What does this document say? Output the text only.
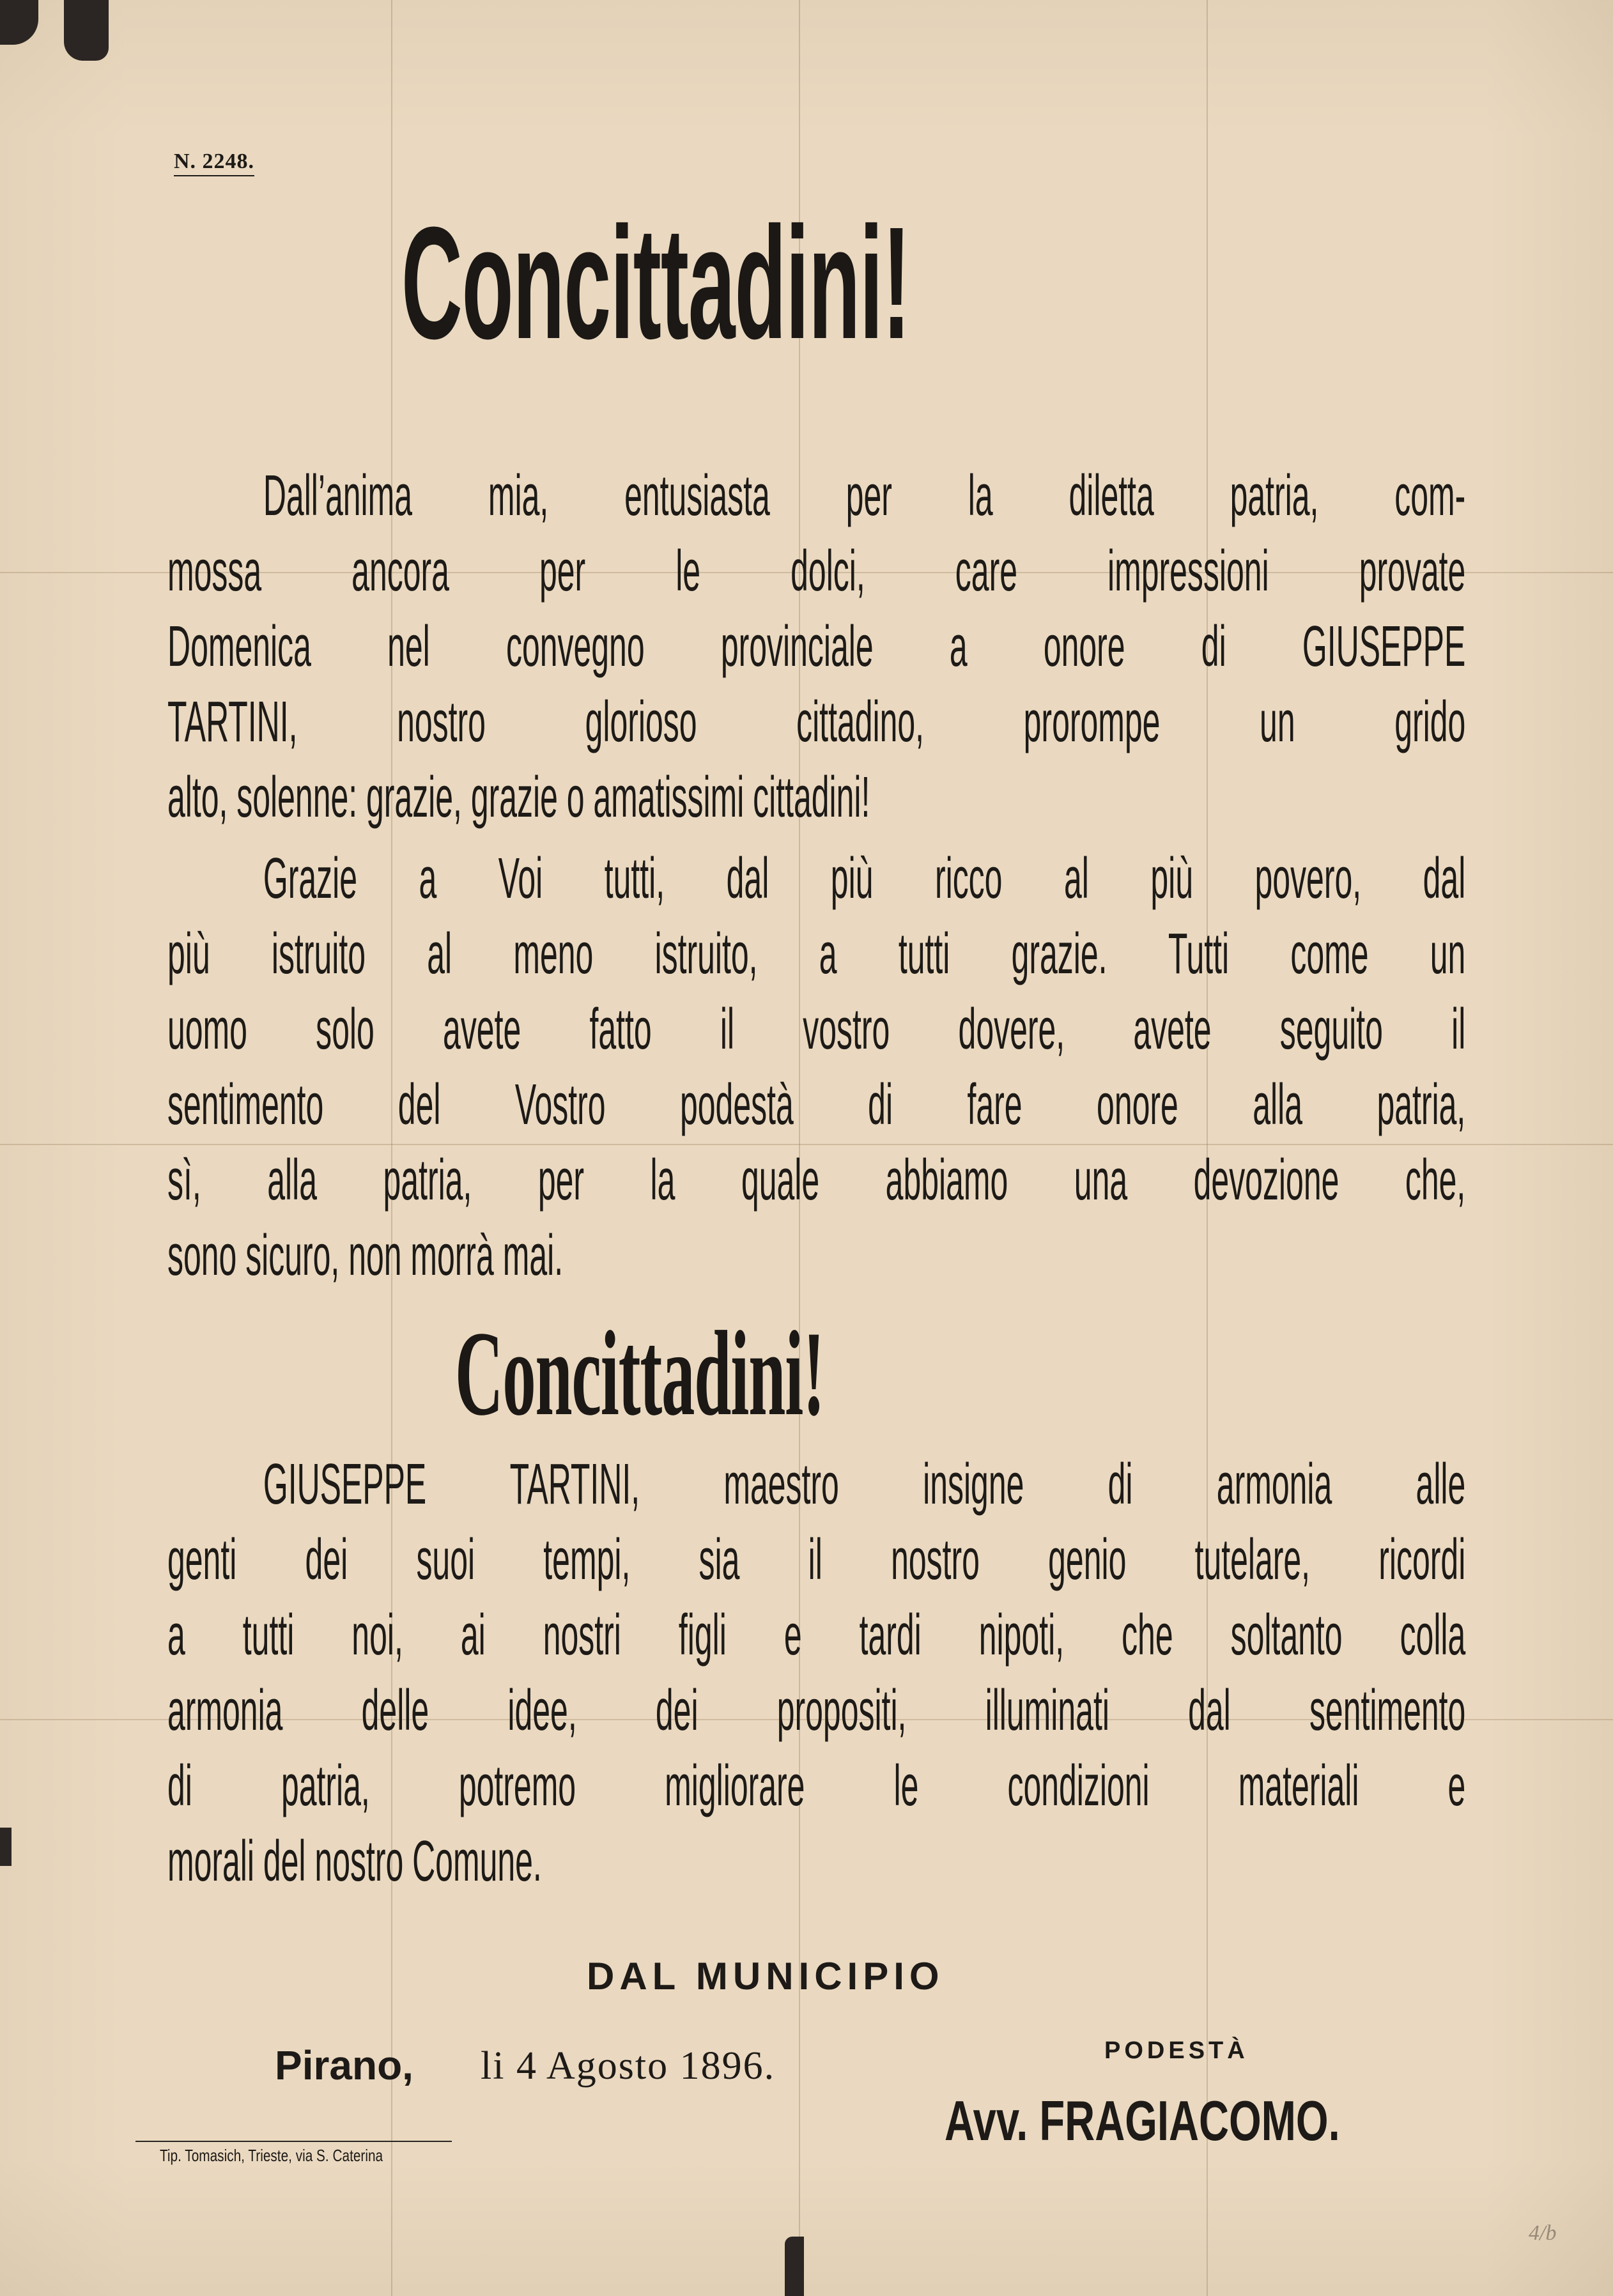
N. 2248.
Concittadini!
Dall’anima mia, entusiasta per la diletta patria, com-
mossa ancora per le dolci, care impressioni provate
Domenica nel convegno provinciale a onore di GIUSEPPE
TARTINI, nostro glorioso cittadino, prorompe un grido
alto, solenne: grazie, grazie o amatissimi cittadini!
Grazie a Voi tutti, dal più ricco al più povero, dal
più istruito al meno istruito, a tutti grazie. Tutti come un
uomo solo avete fatto il vostro dovere, avete seguito il
sentimento del Vostro podestà di fare onore alla patria,
sì, alla patria, per la quale abbiamo una devozione che,
sono sicuro, non morrà mai.
Concittadini!
GIUSEPPE TARTINI, maestro insigne di armonia alle
genti dei suoi tempi, sia il nostro genio tutelare, ricordi
a tutti noi, ai nostri figli e tardi nipoti, che soltanto colla
armonia delle idee, dei propositi, illuminati dal sentimento
di patria, potremo migliorare le condizioni materiali e
morali del nostro Comune.
DAL MUNICIPIO
Pirano, li 4 Agosto 1896.	PODESTÀ
Avv. FRAGIACOMO.
Tip. Tomasich, Trieste, via S. Caterina
4/b
